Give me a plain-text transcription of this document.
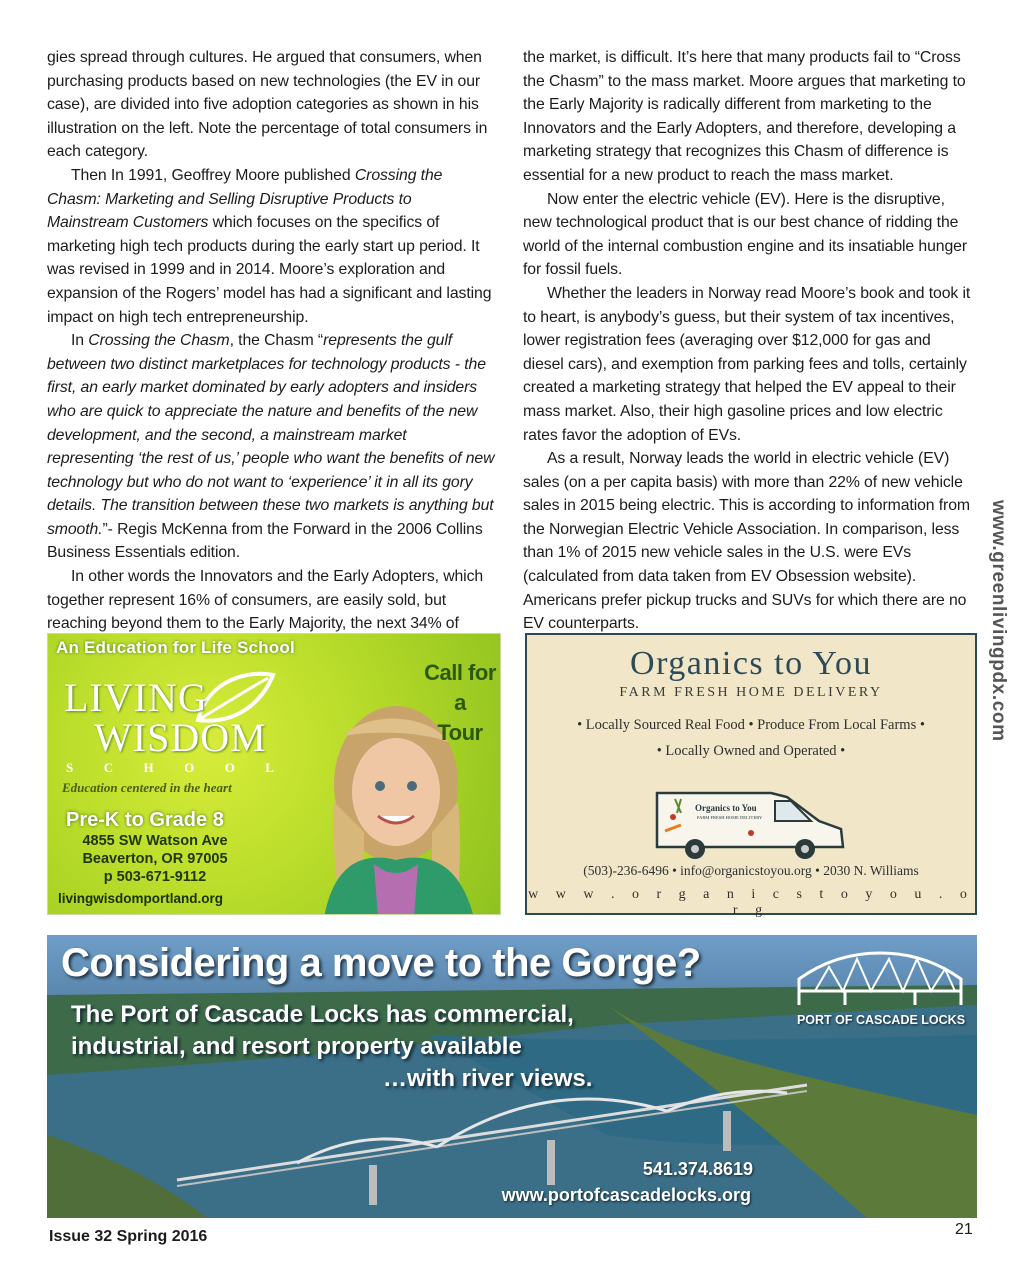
gies spread through cultures. He argued that consumers, when purchasing products based on new technologies (the EV in our case), are divided into five adoption categories as shown in his illustration on the left. Note the percentage of total consumers in each category.

Then In 1991, Geoffrey Moore published Crossing the Chasm: Marketing and Selling Disruptive Products to Mainstream Customers which focuses on the specifics of marketing high tech products during the early start up period. It was revised in 1999 and in 2014. Moore’s exploration and expansion of the Rogers’ model has had a significant and lasting impact on high tech entrepreneurship.

In Crossing the Chasm, the Chasm “represents the gulf between two distinct marketplaces for technology products - the first, an early market dominated by early adopters and insiders who are quick to appreciate the nature and benefits of the new development, and the second, a mainstream market representing ‘the rest of us,’ people who want the benefits of new technology but who do not want to ‘experience’ it in all its gory details. The transition between these two markets is anything but smooth.”- Regis McKenna from the Forward in the 2006 Collins Business Essentials edition.

In other words the Innovators and the Early Adopters, which together represent 16% of consumers, are easily sold, but reaching beyond them to the Early Majority, the next 34% of

the market, is difficult. It’s here that many products fail to “Cross the Chasm” to the mass market. Moore argues that marketing to the Early Majority is radically different from marketing to the Innovators and the Early Adopters, and therefore, developing a marketing strategy that recognizes this Chasm of difference is essential for a new product to reach the mass market.

Now enter the electric vehicle (EV). Here is the disruptive, new technological product that is our best chance of ridding the world of the internal combustion engine and its insatiable hunger for fossil fuels.

Whether the leaders in Norway read Moore’s book and took it to heart, is anybody’s guess, but their system of tax incentives, lower registration fees (averaging over $12,000 for gas and diesel cars), and exemption from parking fees and tolls, certainly created a marketing strategy that helped the EV appeal to their mass market. Also, their high gasoline prices and low electric rates favor the adoption of EVs.

As a result, Norway leads the world in electric vehicle (EV) sales (on a per capita basis) with more than 22% of new vehicle sales in 2015 being electric. This is according to information from the Norwegian Electric Vehicle Association. In comparison, less than 1% of 2015 new vehicle sales in the U.S. were EVs (calculated from data taken from EV Obsession website). Americans prefer pickup trucks and SUVs for which there are no EV counterparts.	www.greenlivingpdx.com
An Education for Life School
LIVING
WISDOM
S C H O O L
Education centered in the heart
Pre-K to Grade 8
4855 SW Watson Ave
Beaverton, OR 97005
p 503-671-9112
livingwisdomportland.org
Call for a
Tour
Organics to You
FARM FRESH HOME DELIVERY
• Locally Sourced Real Food • Produce From Local Farms •
• Locally Owned and Operated •
Organics to You
FARM FRESH HOME DELIVERY
(503)-236-6496 • info@organicstoyou.org • 2030 N. Williams
w w w . o r g a n i c s t o y o u . o r g
Considering a move to the Gorge?
The Port of Cascade Locks has commercial,
industrial, and resort property available
…with river views.
PORT OF CASCADE LOCKS
541.374.8619
www.portofcascadelocks.org
Issue 32 Spring 2016	21
